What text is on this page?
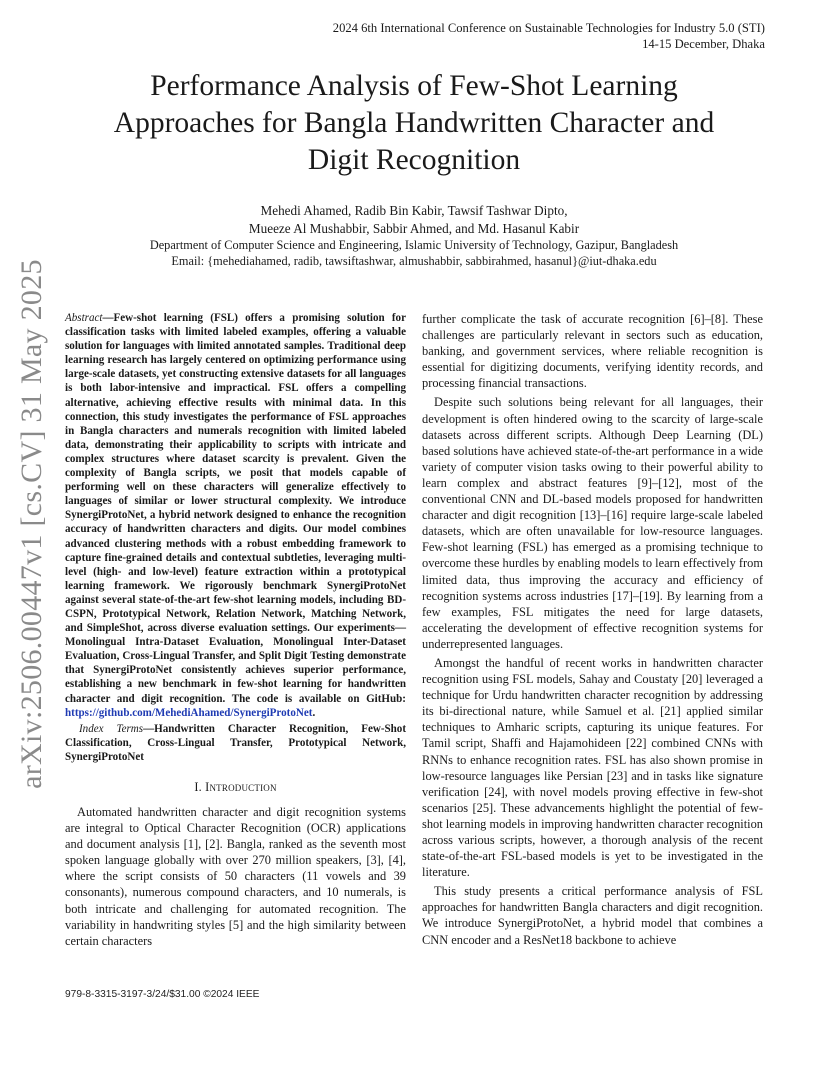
2024 6th International Conference on Sustainable Technologies for Industry 5.0 (STI)
14-15 December, Dhaka
Performance Analysis of Few-Shot Learning
Approaches for Bangla Handwritten Character and
Digit Recognition
Mehedi Ahamed, Radib Bin Kabir, Tawsif Tashwar Dipto,
Mueeze Al Mushabbir, Sabbir Ahmed, and Md. Hasanul Kabir
Department of Computer Science and Engineering, Islamic University of Technology, Gazipur, Bangladesh
Email: {mehediahamed, radib, tawsiftashwar, almushabbir, sabbirahmed, hasanul}@iut-dhaka.edu
arXiv:2506.00447v1 [cs.CV] 31 May 2025 Abstract—Few-shot learning (FSL) offers a promising solution for classification tasks with limited labeled examples, offering a valuable solution for languages with limited annotated samples. Traditional deep learning research has largely centered on optimizing performance using large-scale datasets, yet constructing extensive datasets for all languages is both labor-intensive and impractical. FSL offers a compelling alternative, achieving effective results with minimal data. In this connection, this study investigates the performance of FSL approaches in Bangla characters and numerals recognition with limited labeled data, demonstrating their applicability to scripts with intricate and complex structures where dataset scarcity is prevalent. Given the complexity of Bangla scripts, we posit that models capable of performing well on these characters will generalize effectively to languages of similar or lower structural complexity. We introduce SynergiProtoNet, a hybrid network designed to enhance the recognition accuracy of handwritten characters and digits. Our model combines advanced clustering methods with a robust embedding framework to capture fine-grained details and contextual subtleties, leveraging multi-level (high- and low-level) feature extraction within a prototypical learning framework. We rigorously benchmark SynergiProtoNet against several state-of-the-art few-shot learning models, including BD-CSPN, Prototypical Network, Relation Network, Matching Network, and SimpleShot, across diverse evaluation settings. Our experiments— Monolingual Intra-Dataset Evaluation, Monolingual Inter-Dataset Evaluation, Cross-Lingual Transfer, and Split Digit Testing demonstrate that SynergiProtoNet consistently achieves superior performance, establishing a new benchmark in few-shot learning for handwritten character and digit recognition. The code is available on GitHub: https://github.com/MehediAhamed/SynergiProtoNet.

Index Terms—Handwritten Character Recognition, Few-Shot Classification, Cross-Lingual Transfer, Prototypical Network, SynergiProtoNet

I. Introduction

Automated handwritten character and digit recognition systems are integral to Optical Character Recognition (OCR) applications and document analysis [1], [2]. Bangla, ranked as the seventh most spoken language globally with over 270 million speakers, [3], [4], where the script consists of 50 characters (11 vowels and 39 consonants), numerous compound characters, and 10 numerals, is both intricate and challenging for automated recognition. The variability in handwriting styles [5] and the high similarity between certain characters

further complicate the task of accurate recognition [6]–[8]. These challenges are particularly relevant in sectors such as education, banking, and government services, where reliable recognition is essential for digitizing documents, verifying identity records, and processing financial transactions.

Despite such solutions being relevant for all languages, their development is often hindered owing to the scarcity of large-scale datasets across different scripts. Although Deep Learning (DL) based solutions have achieved state-of-the-art performance in a wide variety of computer vision tasks owing to their powerful ability to learn complex and abstract features [9]–[12], most of the conventional CNN and DL-based models proposed for handwritten character and digit recognition [13]–[16] require large-scale labeled datasets, which are often unavailable for low-resource languages. Few-shot learning (FSL) has emerged as a promising technique to overcome these hurdles by enabling models to learn effectively from limited data, thus improving the accuracy and efficiency of recognition systems across industries [17]–[19]. By learning from a few examples, FSL mitigates the need for large datasets, accelerating the development of effective recognition systems for underrepresented languages.

Amongst the handful of recent works in handwritten character recognition using FSL models, Sahay and Coustaty [20] leveraged a technique for Urdu handwritten character recognition by addressing its bi-directional nature, while Samuel et al. [21] applied similar techniques to Amharic scripts, capturing its unique features. For Tamil script, Shaffi and Hajamohideen [22] combined CNNs with RNNs to enhance recognition rates. FSL has also shown promise in low-resource languages like Persian [23] and in tasks like signature verification [24], with novel models proving effective in few-shot scenarios [25]. These advancements highlight the potential of few-shot learning models in improving handwritten character recognition across various scripts, however, a thorough analysis of the recent state-of-the-art FSL-based models is yet to be investigated in the literature.

This study presents a critical performance analysis of FSL approaches for handwritten Bangla characters and digit recognition. We introduce SynergiProtoNet, a hybrid model that combines a CNN encoder and a ResNet18 backbone to achieve

979-8-3315-3197-3/24/$31.00 ©2024 IEEE
